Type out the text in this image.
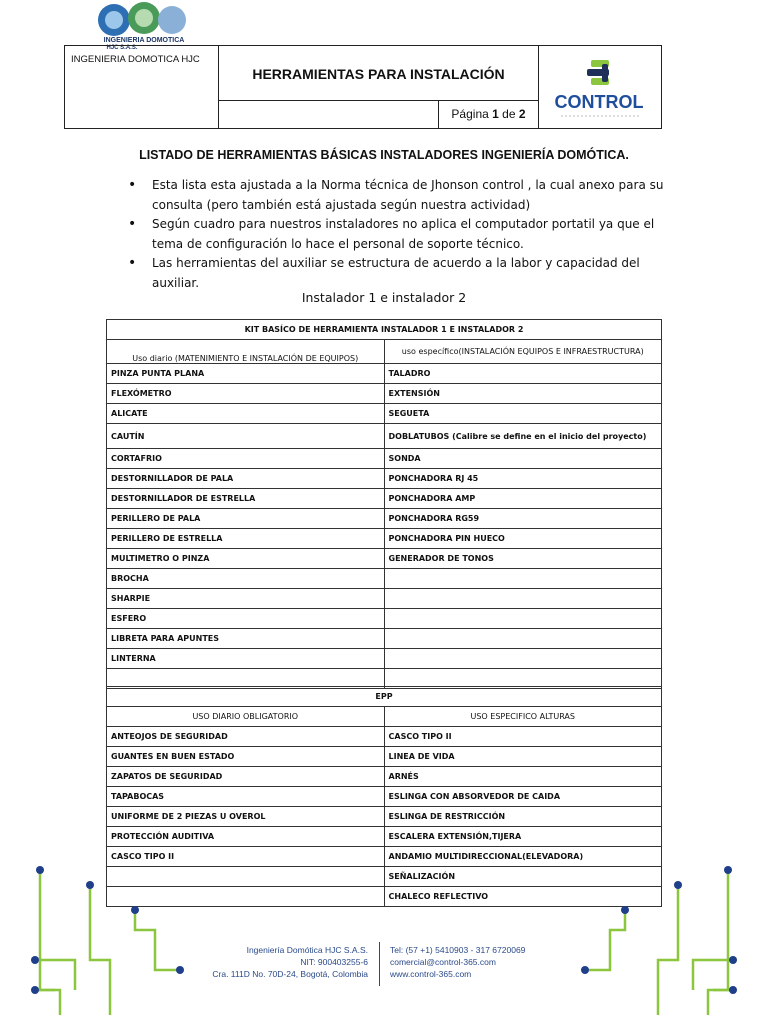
INGENIERIA DOMOTICA
HJC S.A.S.
INGENIERIA DOMOTICA HJC
HERRAMIENTAS PARA INSTALACIÓN
Página 1 de 2
CONTROL
LISTADO DE HERRAMIENTAS BÁSICAS INSTALADORES INGENIERÍA DOMÓTICA.
• Esta lista esta ajustada a la Norma técnica de Jhonson control , la cual anexo para su consulta (pero también está ajustada según nuestra actividad)
• Según cuadro para nuestros instaladores no aplica el computador portatil ya que el tema de configuración lo hace el personal de soporte técnico.
• Las herramientas del auxiliar se estructura de acuerdo a la labor y capacidad del auxiliar.
Instalador 1 e instalador 2
KIT BASÍCO DE HERRAMIENTA INSTALADOR 1 E INSTALADOR 2	
Uso diario (MATENIMIENTO E INSTALACIÓN DE EQUIPOS)	uso específico(INSTALACIÓN EQUIPOS E INFRAESTRUCTURA)
PINZA PUNTA PLANA	TALADRO
FLEXÓMETRO	EXTENSIÓN
ALICATE	SEGUETA
CAUTÍN	DOBLATUBOS (Calibre se define en el inicio del proyecto)
CORTAFRIO	SONDA
DESTORNILLADOR DE PALA	PONCHADORA RJ 45
DESTORNILLADOR DE ESTRELLA	PONCHADORA AMP
PERILLERO DE PALA	PONCHADORA RG59
PERILLERO DE ESTRELLA	PONCHADORA PIN HUECO
MULTIMETRO O PINZA	GENERADOR DE TONOS
BROCHA	
SHARPIE	
ESFERO	
LIBRETA PARA APUNTES	
LINTERNA	

EPP	
USO DIARIO OBLIGATORIO	USO ESPECIFICO ALTURAS
ANTEOJOS DE SEGURIDAD	CASCO TIPO II
GUANTES EN BUEN ESTADO	LINEA DE VIDA
ZAPATOS DE SEGURIDAD	ARNÉS
TAPABOCAS	ESLINGA CON ABSORVEDOR DE CAIDA
UNIFORME DE 2 PIEZAS U OVEROL	ESLINGA DE RESTRICCIÓN
PROTECCIÓN AUDITIVA	ESCALERA EXTENSIÓN,TIJERA
CASCO TIPO II	ANDAMIO MULTIDIRECCIONAL(ELEVADORA)
	SEÑALIZACIÓN
	CHALECO REFLECTIVO
Ingeniería Domótica HJC S.A.S.
NIT: 900403255-6
Cra. 111D No. 70D-24, Bogotá, Colombia
Tel: (57 +1) 5410903 - 317 6720069
comercial@control-365.com
www.control-365.com
